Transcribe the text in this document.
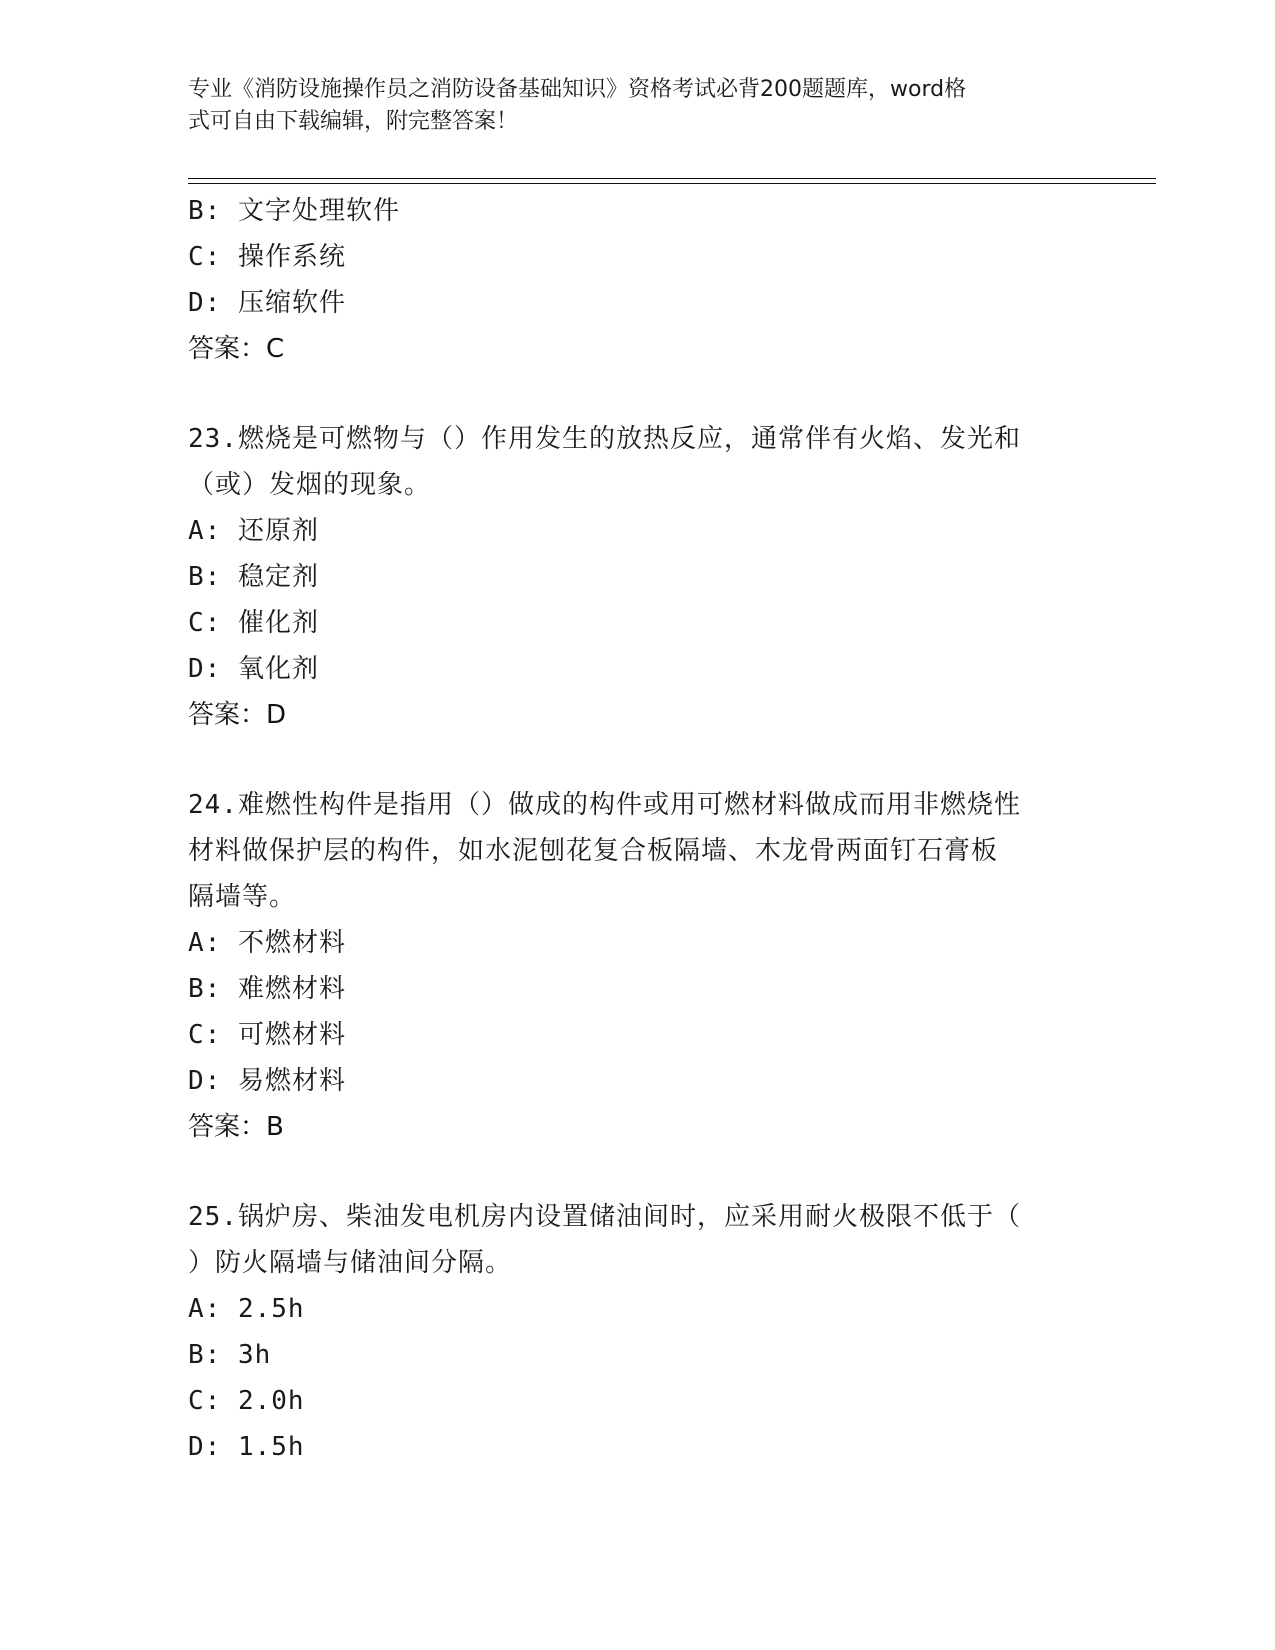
专业《消防设施操作员之消防设备基础知识》资格考试必背200题题库，word格
式可自由下载编辑，附完整答案！
B: 文字处理软件
C: 操作系统
D: 压缩软件
答案：C
23.燃烧是可燃物与（）作用发生的放热反应，通常伴有火焰、发光和
（或）发烟的现象。
A: 还原剂
B: 稳定剂
C: 催化剂
D: 氧化剂
答案：D
24.难燃性构件是指用（）做成的构件或用可燃材料做成而用非燃烧性
材料做保护层的构件，如水泥刨花复合板隔墙、木龙骨两面钉石膏板
隔墙等。
A: 不燃材料
B: 难燃材料
C: 可燃材料
D: 易燃材料
答案：B
25.锅炉房、柴油发电机房内设置储油间时，应采用耐火极限不低于（
）防火隔墙与储油间分隔。
A: 2.5h
B: 3h
C: 2.0h
D: 1.5h
